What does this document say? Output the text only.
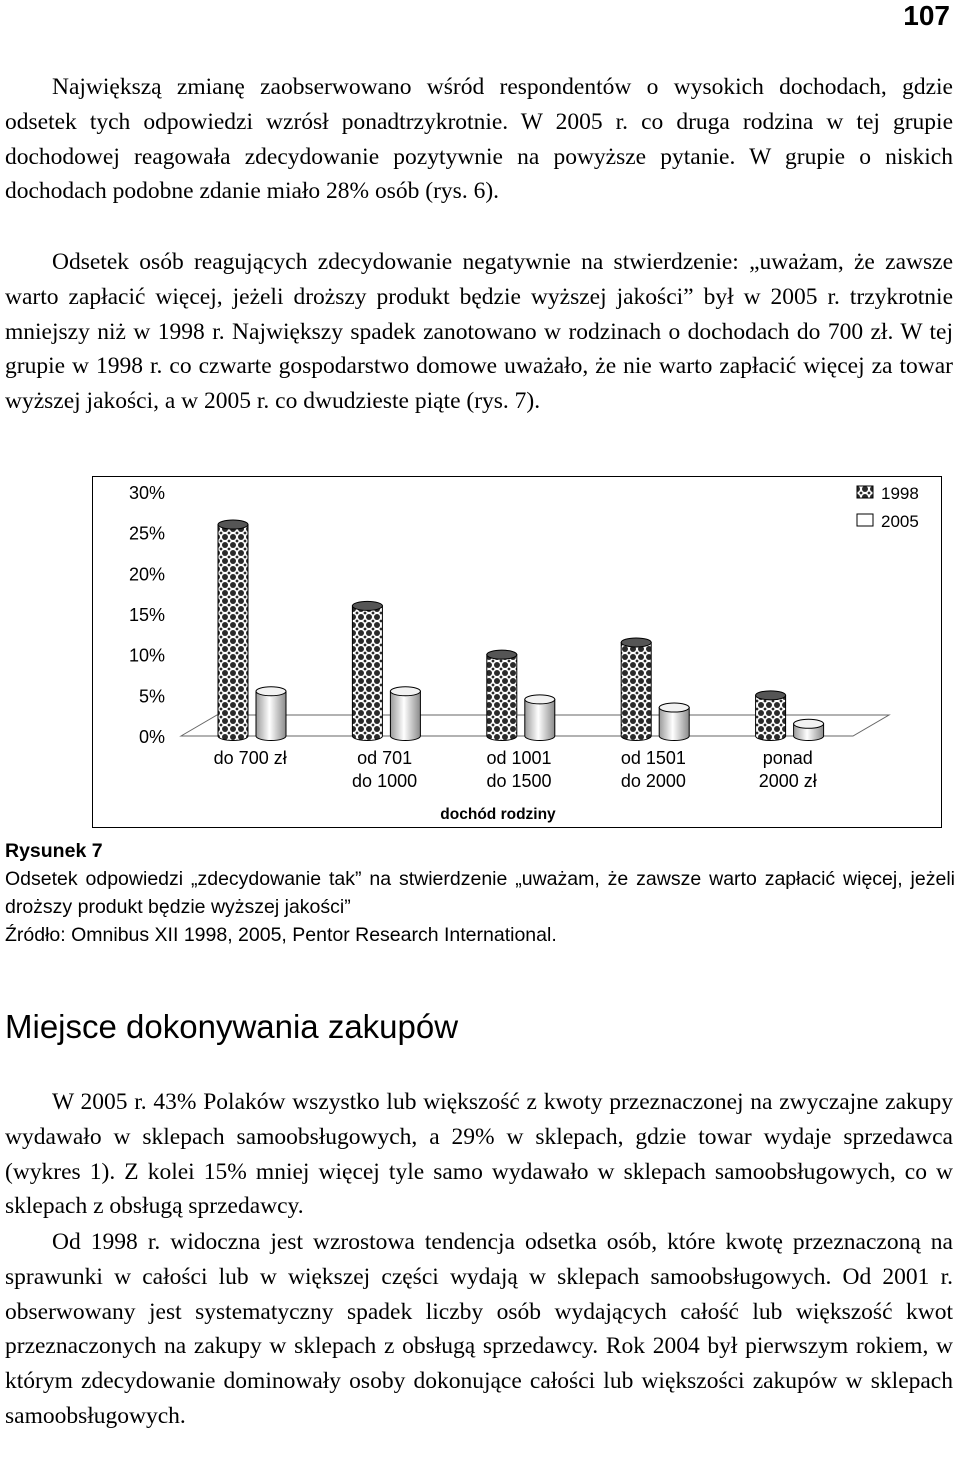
107

Największą zmianę zaobserwowano wśród respondentów o wysokich dochodach, gdzie odsetek tych odpowiedzi wzrósł ponadtrzykrotnie. W 2005 r. co druga rodzina w tej grupie dochodowej reagowała zdecydowanie pozytywnie na powyższe pytanie. W grupie o niskich dochodach podobne zdanie miało 28% osób (rys. 6).

Odsetek osób reagujących zdecydowanie negatywnie na stwierdzenie: „uważam, że zawsze warto zapłacić więcej, jeżeli droższy produkt będzie wyższej jakości” był w 2005 r. trzykrotnie mniejszy niż w 1998 r. Największy spadek zanotowano w rodzinach o dochodach do 700 zł. W tej grupie w 1998 r. co czwarte gospodarstwo domowe uważało, że nie warto zapłacić więcej za towar wyższej jakości, a w 2005 r. co dwudzieste piąte (rys. 7).

0%
5%
10%
15%
20%
25%
30%
do 700 zł	od 701
do 1000
od 1001
do 1500
od 1501
do 2000
ponad
2000 zł
dochód rodziny
1998
2005

Rysunek 7

Odsetek odpowiedzi „zdecydowanie tak” na stwierdzenie „uważam, że zawsze warto zapłacić więcej, jeżeli droższy produkt będzie wyższej jakości”

Źródło: Omnibus XII 1998, 2005, Pentor Research International.

Miejsce dokonywania zakupów

W 2005 r. 43% Polaków wszystko lub większość z kwoty przeznaczonej na zwyczajne zakupy wydawało w sklepach samoobsługowych, a 29% w sklepach, gdzie towar wydaje sprzedawca (wykres 1). Z kolei 15% mniej więcej tyle samo wydawało w sklepach samoobsługowych, co w sklepach z obsługą sprzedawcy.

Od 1998 r. widoczna jest wzrostowa tendencja odsetka osób, które kwotę przeznaczoną na sprawunki w całości lub w większej części wydają w sklepach samoobsługowych. Od 2001 r. obserwowany jest systematyczny spadek liczby osób wydających całość lub większość kwot przeznaczonych na zakupy w sklepach z obsługą sprzedawcy. Rok 2004 był pierwszym rokiem, w którym zdecydowanie dominowały osoby dokonujące całości lub większości zakupów w sklepach samoobsługowych.
